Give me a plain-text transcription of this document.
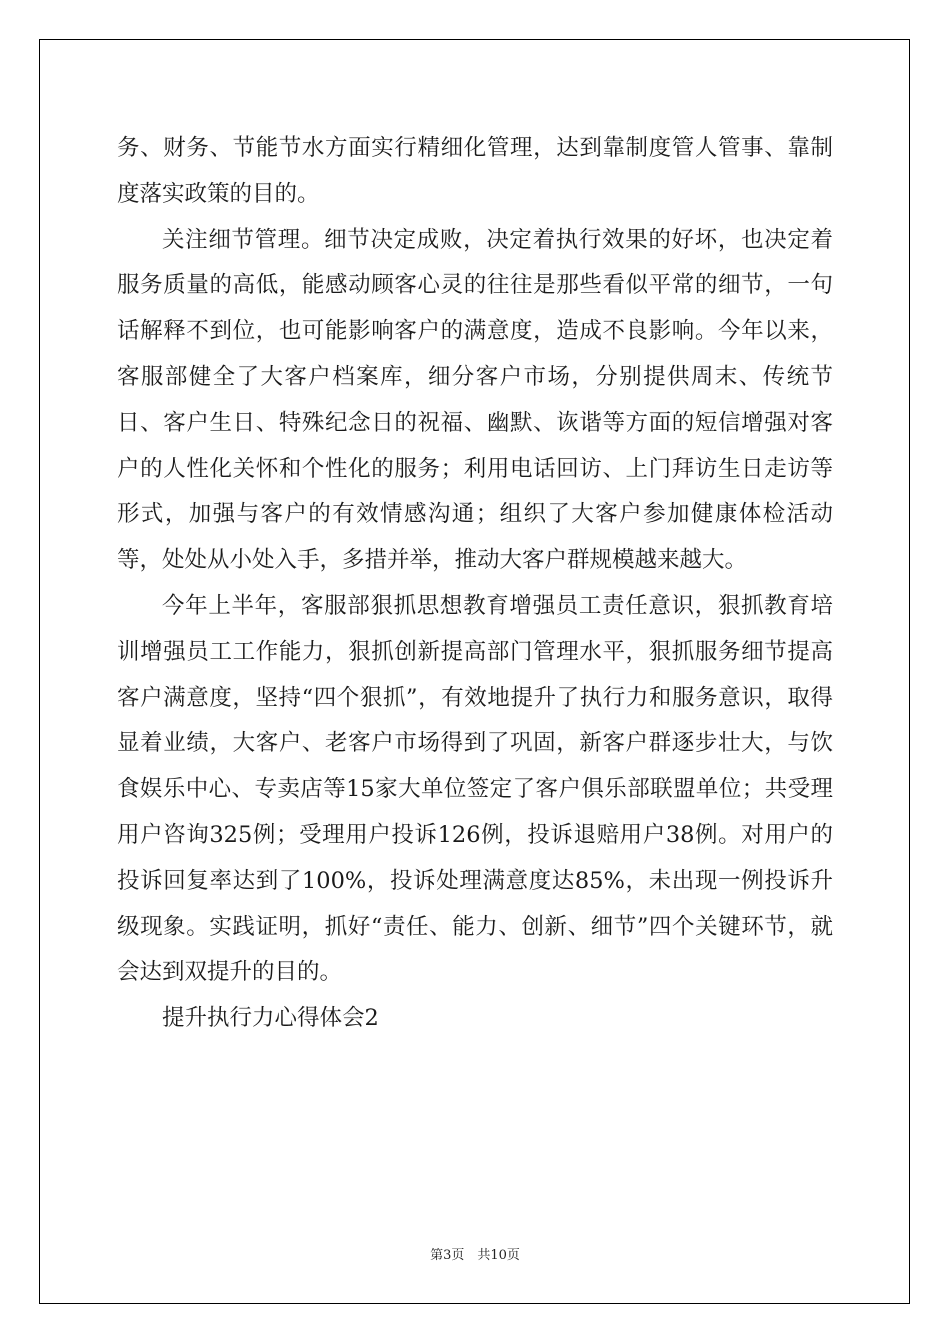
务、财务、节能节水方面实行精细化管理，达到靠制度管人管事、靠制度落实政策的目的。

关注细节管理。细节决定成败，决定着执行效果的好坏，也决定着服务质量的高低，能感动顾客心灵的往往是那些看似平常的细节，一句话解释不到位，也可能影响客户的满意度，造成不良影响。今年以来，客服部健全了大客户档案库，细分客户市场，分别提供周末、传统节日、客户生日、特殊纪念日的祝福、幽默、诙谐等方面的短信增强对客户的人性化关怀和个性化的服务；利用电话回访、上门拜访生日走访等形式，加强与客户的有效情感沟通；组织了大客户参加健康体检活动等，处处从小处入手，多措并举，推动大客户群规模越来越大。

今年上半年，客服部狠抓思想教育增强员工责任意识，狠抓教育培训增强员工工作能力，狠抓创新提高部门管理水平，狠抓服务细节提高客户满意度，坚持“四个狠抓”，有效地提升了执行力和服务意识，取得显着业绩，大客户、老客户市场得到了巩固，新客户群逐步壮大，与饮食娱乐中心、专卖店等15家大单位签定了客户俱乐部联盟单位；共受理用户咨询325例；受理用户投诉126例，投诉退赔用户38例。对用户的投诉回复率达到了100%，投诉处理满意度达85%，未出现一例投诉升级现象。实践证明，抓好“责任、能力、创新、细节”四个关键环节，就会达到双提升的目的。

提升执行力心得体会2

第3页　共10页
